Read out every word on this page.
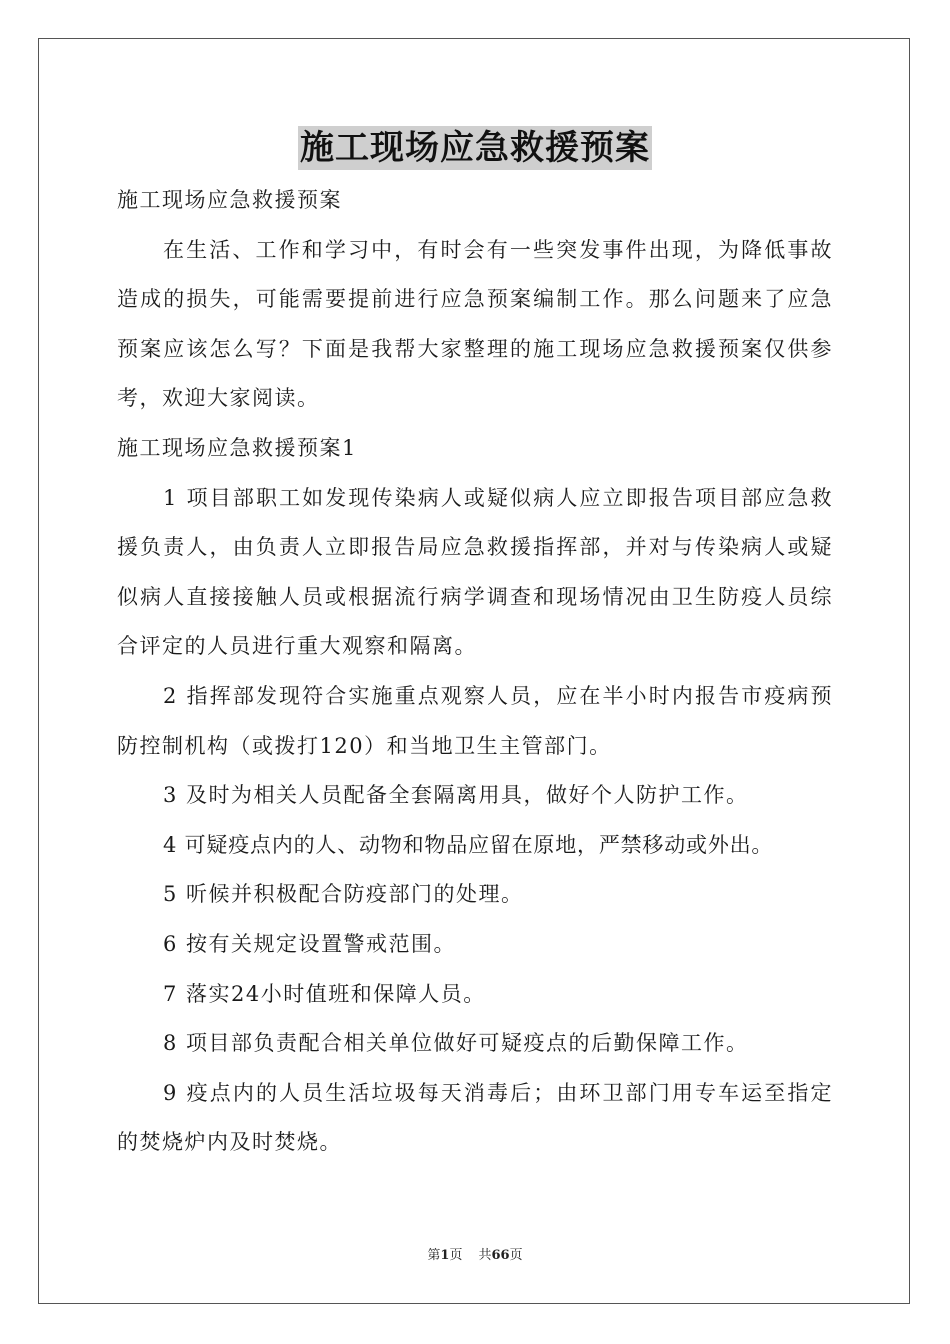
施工现场应急救援预案

施工现场应急救援预案

在生活、工作和学习中，有时会有一些突发事件出现，为降低事故造成的损失，可能需要提前进行应急预案编制工作。那么问题来了应急预案应该怎么写？下面是我帮大家整理的施工现场应急救援预案仅供参考，欢迎大家阅读。

施工现场应急救援预案1

1 项目部职工如发现传染病人或疑似病人应立即报告项目部应急救援负责人，由负责人立即报告局应急救援指挥部，并对与传染病人或疑似病人直接接触人员或根据流行病学调查和现场情况由卫生防疫人员综合评定的人员进行重大观察和隔离。

2 指挥部发现符合实施重点观察人员，应在半小时内报告市疫病预防控制机构（或拨打120）和当地卫生主管部门。

3 及时为相关人员配备全套隔离用具，做好个人防护工作。

4 可疑疫点内的人、动物和物品应留在原地，严禁移动或外出。

5 听候并积极配合防疫部门的处理。

6 按有关规定设置警戒范围。

7 落实24小时值班和保障人员。

8 项目部负责配合相关单位做好可疑疫点的后勤保障工作。

9 疫点内的人员生活垃圾每天消毒后；由环卫部门用专车运至指定的焚烧炉内及时焚烧。

第1页 共66页
